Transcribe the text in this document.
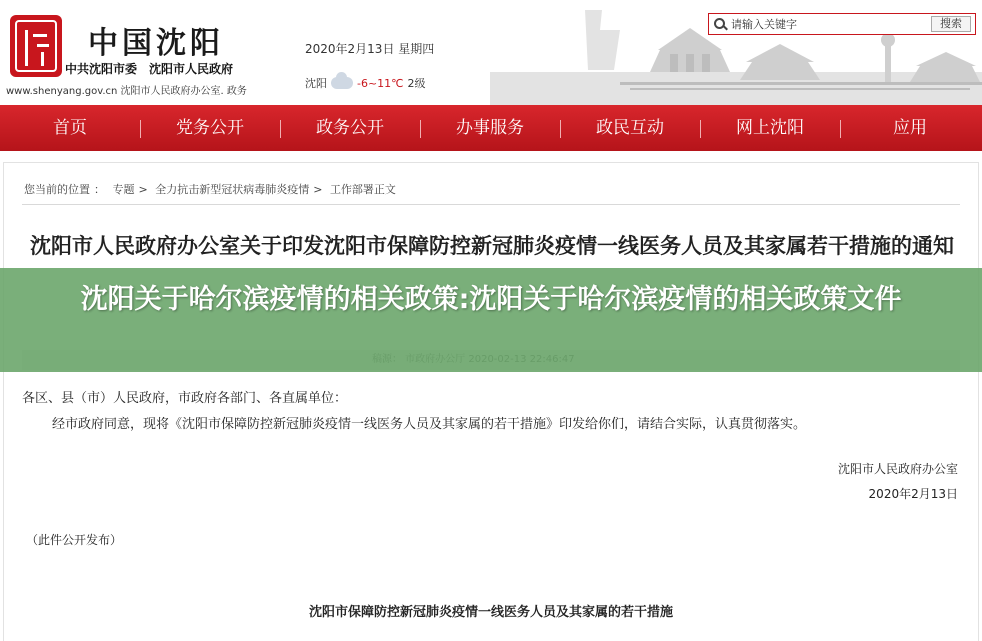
中国沈阳
中共沈阳市委　沈阳市人民政府
www.shenyang.gov.cn 沈阳市人民政府办公室. 政务
2020年2月13日 星期四
沈阳	-6~11℃ 2级
请输入关键字
搜索
首页	党务公开	政务公开	办事服务	政民互动	网上沈阳	应用
您当前的位置 ： 专题 > 全力抗击新型冠状病毒肺炎疫情 > 工作部署正文
沈阳市人民政府办公室关于印发沈阳市保障防控新冠肺炎疫情一线医务人员及其家属若干措施的通知
各区、县（市）人民政府，市政府各部门、各直属单位：
经市政府同意，现将《沈阳市保障防控新冠肺炎疫情一线医务人员及其家属的若干措施》印发给你们，请结合实际，认真贯彻落实。
沈阳市人民政府办公室
2020年2月13日
（此件公开发布）
沈阳市保障防控新冠肺炎疫情一线医务人员及其家属的若干措施
沈阳关于哈尔滨疫情的相关政策:沈阳关于哈尔滨疫情的相关政策文件
